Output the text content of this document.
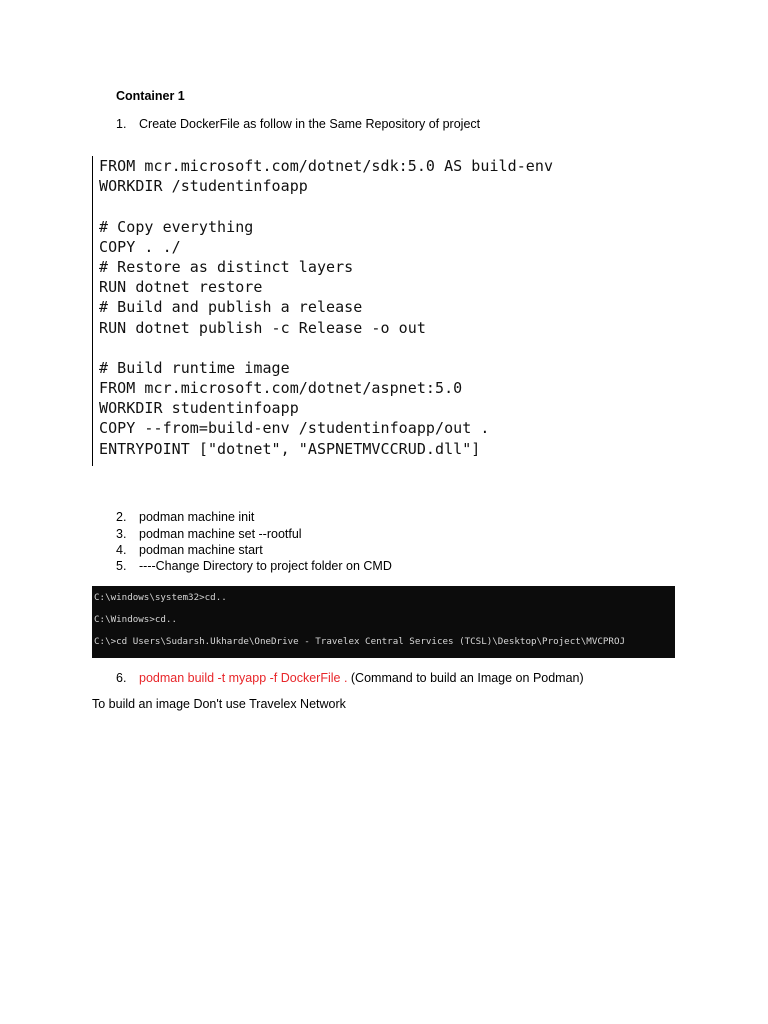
Container 1
1. Create DockerFile as follow in the Same Repository of project
FROM mcr.microsoft.com/dotnet/sdk:5.0 AS build-env
WORKDIR /studentinfoapp
# Copy everything
COPY . ./
# Restore as distinct layers
RUN dotnet restore
# Build and publish a release
RUN dotnet publish -c Release -o out
# Build runtime image
FROM mcr.microsoft.com/dotnet/aspnet:5.0
WORKDIR studentinfoapp
COPY --from=build-env /studentinfoapp/out .
ENTRYPOINT ["dotnet", "ASPNETMVCCRUD.dll"]
2. podman machine init
3. podman machine set --rootful
4. podman machine start
5. ----Change Directory to project folder on CMD
C:\windows\system32>cd..
C:\Windows>cd..
C:\>cd Users\Sudarsh.Ukharde\OneDrive - Travelex Central Services (TCSL)\Desktop\Project\MVCPROJ
6. podman build -t myapp -f DockerFile . (Command to build an Image on Podman)
To build an image Don't use Travelex Network
